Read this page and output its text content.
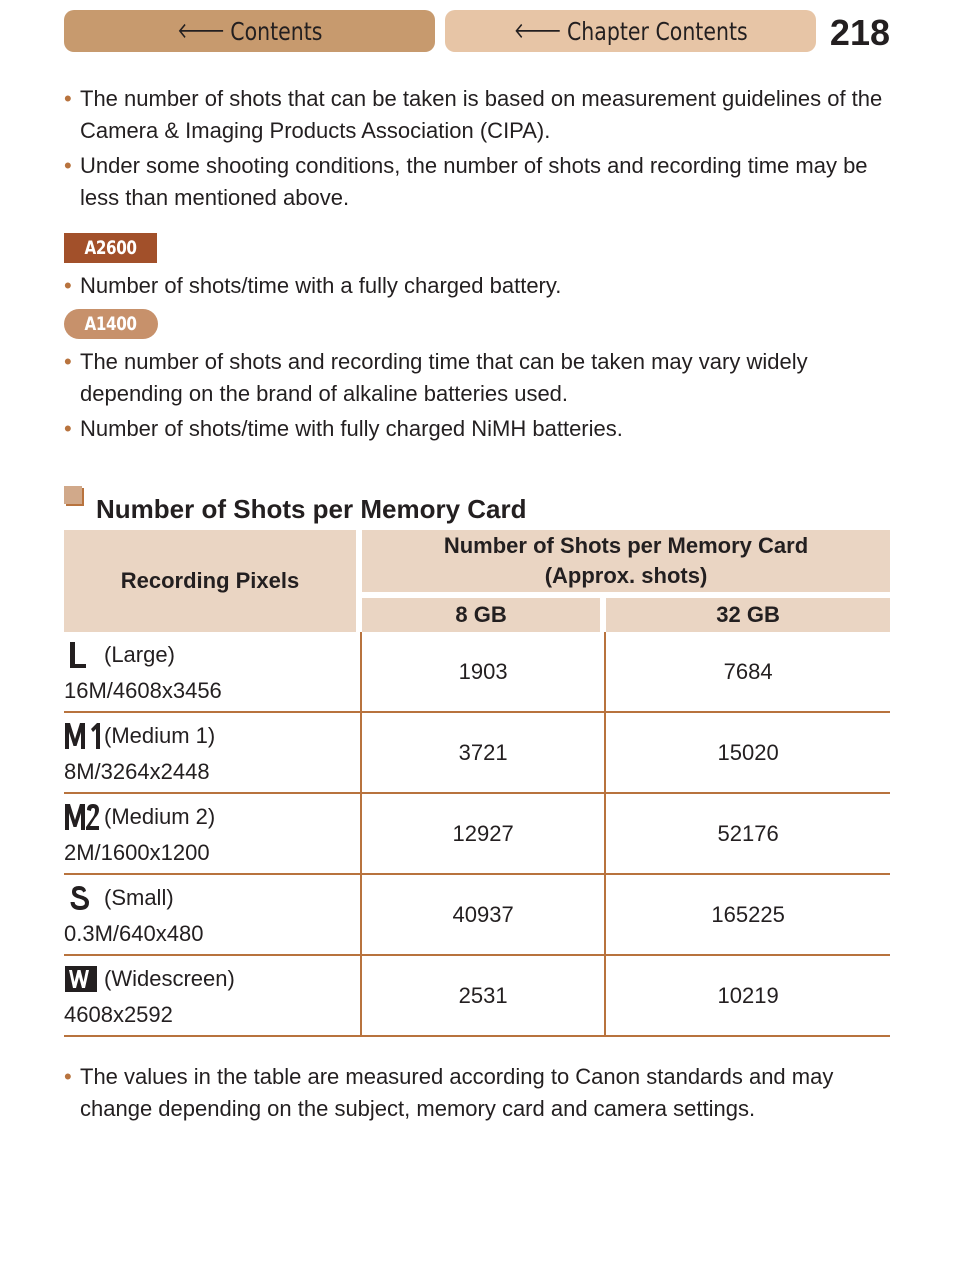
🡐 Contents	🡐 Chapter Contents 218
• The number of shots that can be taken is based on measurement guidelines of the Camera & Imaging Products Association (CIPA).
• Under some shooting conditions, the number of shots and recording time may be less than mentioned above.
A2600
• Number of shots/time with a fully charged battery.
A1400
• The number of shots and recording time that can be taken may vary widely depending on the brand of alkaline batteries used.
• Number of shots/time with fully charged NiMH batteries.
Number of Shots per Memory Card
Recording Pixels	Number of Shots per Memory Card
(Approx. shots)	
	8 GB	32 GB

(Large)
16M/4608x3456	1903	7684

(Medium 1)
8M/3264x2448	3721	15020

(Medium 2)
2M/1600x1200	12927	52176

(Small)
0.3M/640x480	40937	165225

(Widescreen)
4608x2592	2531	10219
• The values in the table are measured according to Canon standards and may change depending on the subject, memory card and camera settings.
